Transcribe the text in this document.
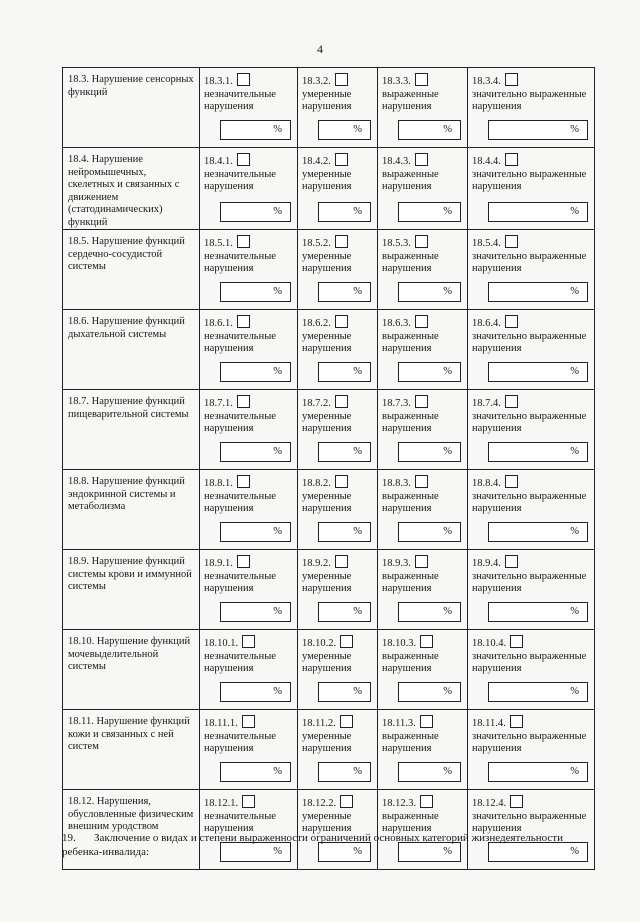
4
18.3. Нарушение сенсорных функций	18.3.1.
незначительные нарушения
%	18.3.2.
умеренные нарушения
%	18.3.3.
выраженные нарушения
%	18.3.4.
значительно выраженные нарушения
%

18.4. Нарушение нейромышечных, скелетных и связанных с движением (статодинамических) функций	18.4.1.
незначительные нарушения
%	18.4.2.
умеренные нарушения
%	18.4.3.
выраженные нарушения
%	18.4.4.
значительно выраженные нарушения
%

18.5. Нарушение функций сердечно-сосудистой системы	18.5.1.
незначительные нарушения
%	18.5.2.
умеренные нарушения
%	18.5.3.
выраженные нарушения
%	18.5.4.
значительно выраженные нарушения
%

18.6. Нарушение функций дыхательной системы	18.6.1.
незначительные нарушения
%	18.6.2.
умеренные нарушения
%	18.6.3.
выраженные нарушения
%	18.6.4.
значительно выраженные нарушения
%

18.7. Нарушение функций пищеварительной системы	18.7.1.
незначительные нарушения
%	18.7.2.
умеренные нарушения
%	18.7.3.
выраженные нарушения
%	18.7.4.
значительно выраженные нарушения
%

18.8. Нарушение функций эндокринной системы и метаболизма	18.8.1.
незначительные нарушения
%	18.8.2.
умеренные нарушения
%	18.8.3.
выраженные нарушения
%	18.8.4.
значительно выраженные нарушения
%

18.9. Нарушение функций системы крови и иммунной системы	18.9.1.
незначительные нарушения
%	18.9.2.
умеренные нарушения
%	18.9.3.
выраженные нарушения
%	18.9.4.
значительно выраженные нарушения
%

18.10. Нарушение функций мочевыделительной системы	18.10.1.
незначительные нарушения
%	18.10.2.
умеренные нарушения
%	18.10.3.
выраженные нарушения
%	18.10.4.
значительно выраженные нарушения
%

18.11. Нарушение функций кожи и связанных с ней систем	18.11.1.
незначительные нарушения
%	18.11.2.
умеренные нарушения
%	18.11.3.
выраженные нарушения
%	18.11.4.
значительно выраженные нарушения
%

18.12. Нарушения, обусловленные физическим внешним уродством	18.12.1.
незначительные нарушения
%	18.12.2.
умеренные нарушения
%	18.12.3.
выраженные нарушения
%	18.12.4.
значительно выраженные нарушения
%
19. Заключение о видах и степени выраженности ограничений основных категорий жизнедеятельности ребенка-инвалида:
